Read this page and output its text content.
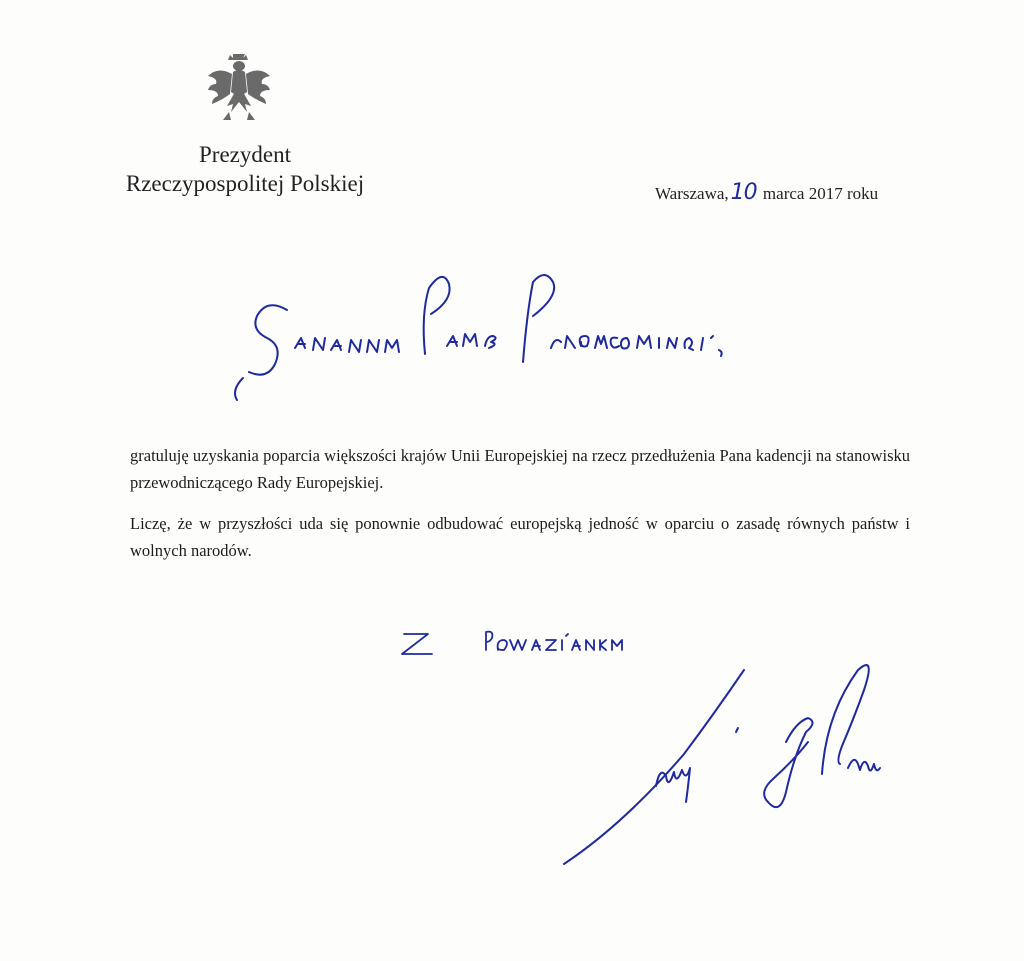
Prezydent
Rzeczypospolitej Polskiej	Warszawa,10 marca 2017 roku

gratuluję uzyskania poparcia większości krajów Unii Europejskiej na rzecz przedłużenia Pana kadencji na stanowisku przewodniczącego Rady Europejskiej.

Liczę, że w przyszłości uda się ponownie odbudować europejską jedność w oparciu o zasadę równych państw i wolnych narodów.
